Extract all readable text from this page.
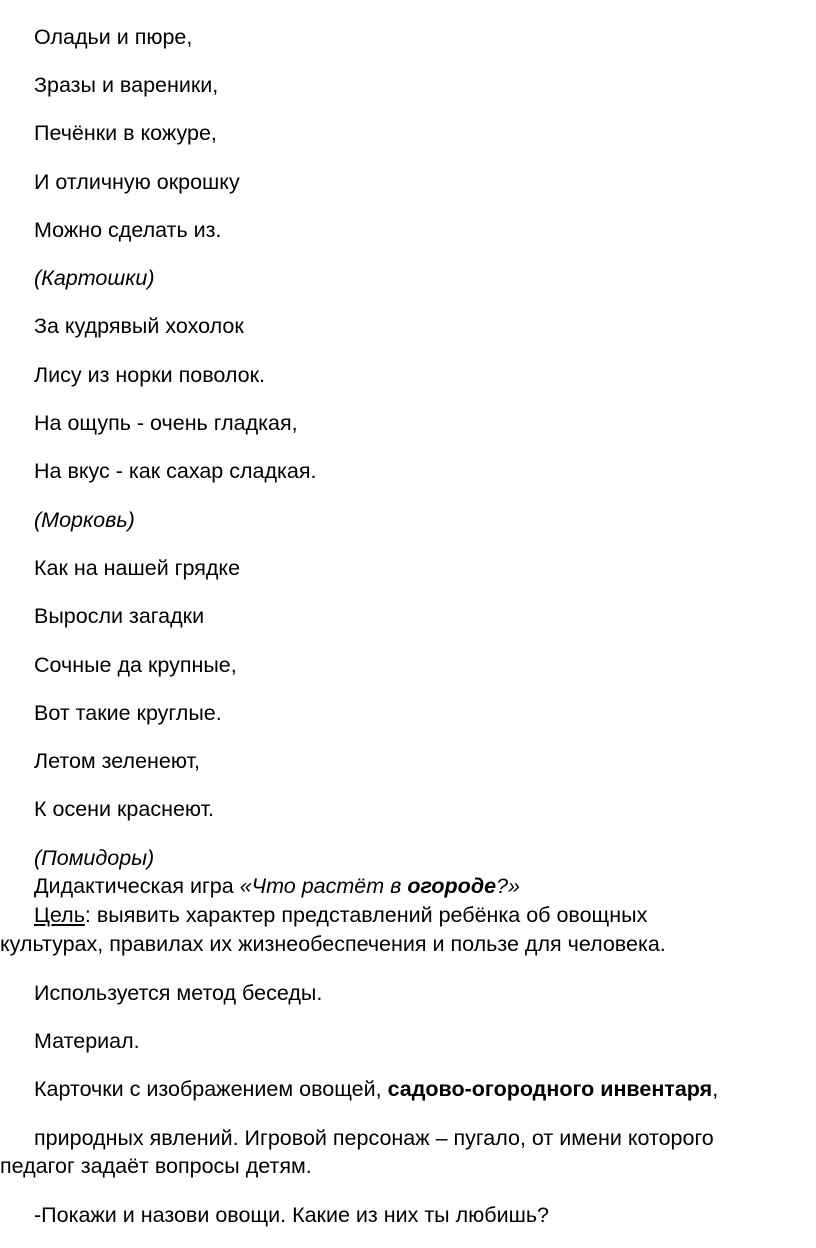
Оладьи и пюре,
Зразы и вареники,
Печёнки в кожуре,
И отличную окрошку
Можно сделать из.
(Картошки)
За кудрявый хохолок
Лису из норки поволок.
На ощупь - очень гладкая,
На вкус - как сахар сладкая.
(Морковь)
Как на нашей грядке
Выросли загадки
Сочные да крупные,
Вот такие круглые.
Летом зеленеют,
К осени краснеют.
(Помидоры)
Дидактическая игра «Что растёт в огороде?»
Цель: выявить характер представлений ребёнка об овощных
культурах, правилах их жизнеобеспечения и пользе для человека.
Используется метод беседы.
Материал.
Карточки с изображением овощей, садово-огородного инвентаря,
природных явлений. Игровой персонаж – пугало, от имени которого
педагог задаёт вопросы детям.
-Покажи и назови овощи. Какие из них ты любишь?
